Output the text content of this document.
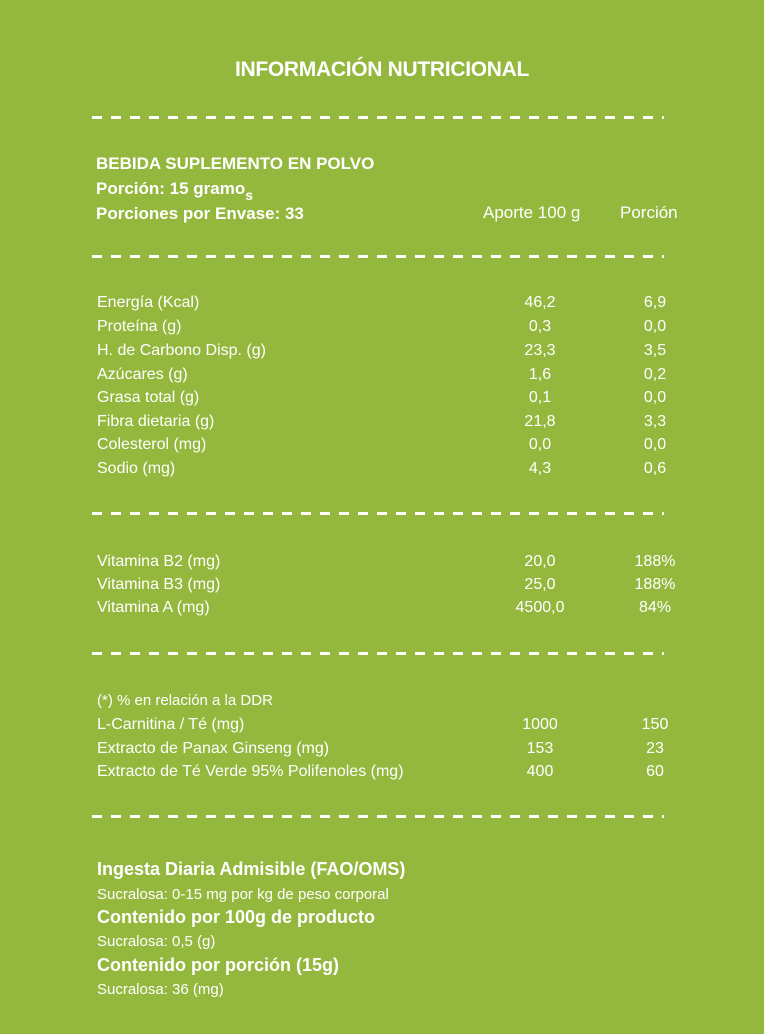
INFORMACIÓN NUTRICIONAL
BEBIDA SUPLEMENTO EN POLVO
Porción: 15 gramo$_s$
Porciones por Envase: 33	Aporte 100 g Porción
Energía (Kcal)	46,2	6,9
Proteína (g)	0,3	0,0
H. de Carbono Disp. (g)	23,3	3,5
Azúcares (g)	1,6	0,2
Grasa total (g)	0,1	0,0
Fibra dietaria (g)	21,8	3,3
Colesterol (mg)	0,0	0,0
Sodio (mg)	4,3	0,6
Vitamina B2 (mg)	20,0	188%
Vitamina B3 (mg)	25,0	188%
Vitamina A (mg)	4500,0	84%
(*) % en relación a la DDR
L-Carnitina / Té (mg)	1000	150
Extracto de Panax Ginseng (mg)	153	23
Extracto de Té Verde 95% Polifenoles (mg)	400	60
Ingesta Diaria Admisible (FAO/OMS)
Sucralosa: 0-15 mg por kg de peso corporal
Contenido por 100g de producto
Sucralosa: 0,5 (g)
Contenido por porción (15g)
Sucralosa: 36 (mg)
